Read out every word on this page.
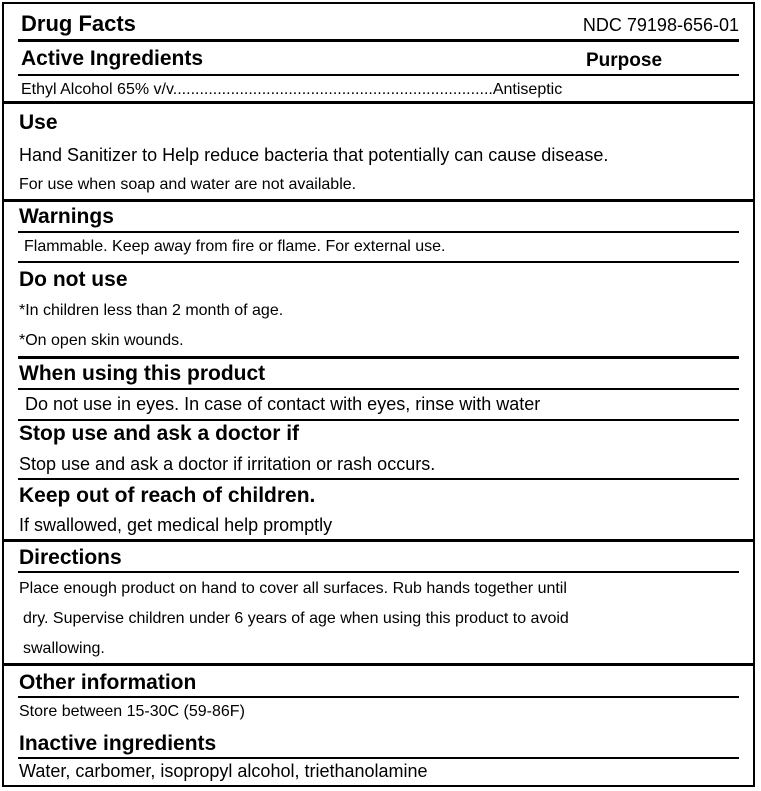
Drug Facts	NDC 79198-656-01
Active Ingredients	Purpose
Ethyl Alcohol 65% v/v........................................................................Antiseptic
Use
Hand Sanitizer to Help reduce bacteria that potentially can cause disease.
For use when soap and water are not available.
Warnings
Flammable. Keep away from fire or flame. For external use.
Do not use
*In children less than 2 month of age.
*On open skin wounds.
When using this product
Do not use in eyes. In case of contact with eyes, rinse with water
Stop use and ask a doctor if
Stop use and ask a doctor if irritation or rash occurs.
Keep out of reach of children.
If swallowed, get medical help promptly
Directions
Place enough product on hand to cover all surfaces. Rub hands together until
dry. Supervise children under 6 years of age when using this product to avoid
swallowing.
Other information
Store between 15-30C (59-86F)
Inactive ingredients
Water, carbomer, isopropyl alcohol, triethanolamine
